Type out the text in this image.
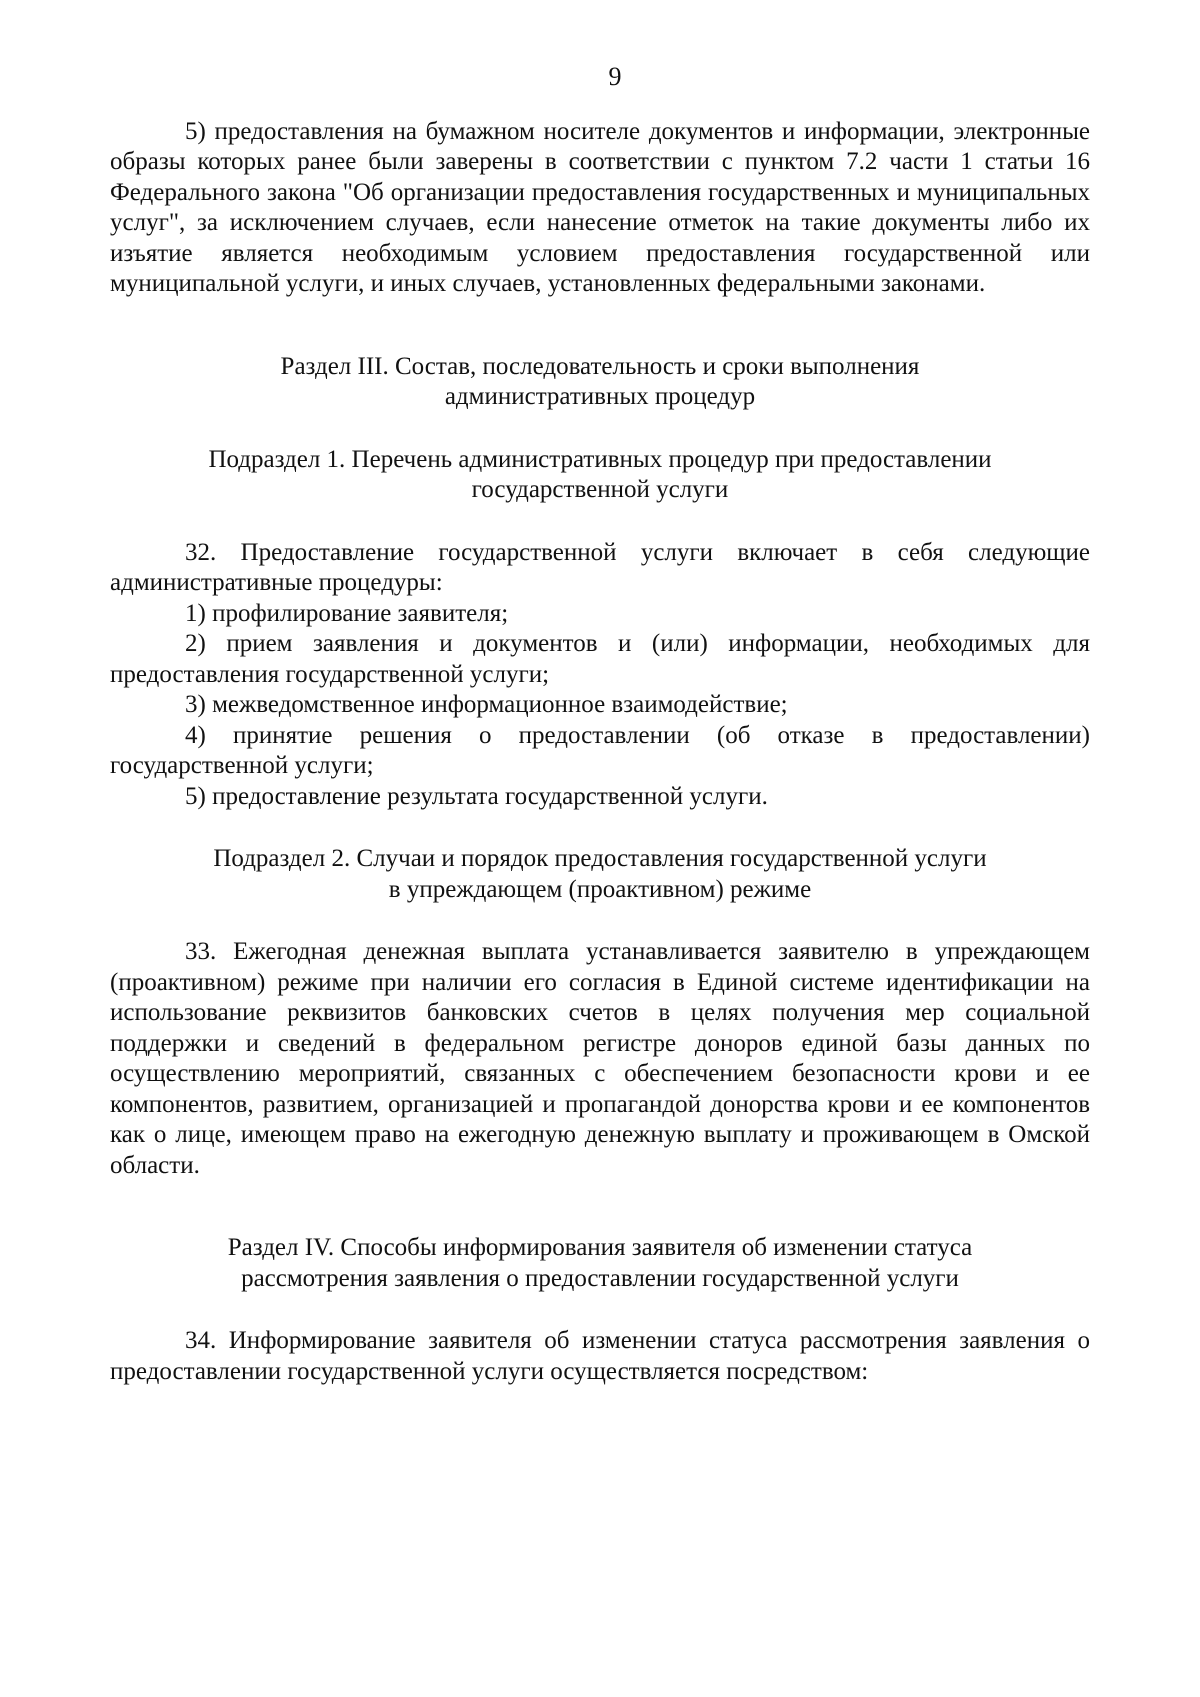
9

5) предоставления на бумажном носителе документов и информации, электронные образы которых ранее были заверены в соответствии с пунктом 7.2 части 1 статьи 16 Федерального закона "Об организации предоставления государственных и муниципальных услуг", за исключением случаев, если нанесение отметок на такие документы либо их изъятие является необходимым условием предоставления государственной или муниципальной услуги, и иных случаев, установленных федеральными законами.

Раздел III. Состав, последовательность и сроки выполнения
административных процедур
Подраздел 1. Перечень административных процедур при предоставлении
государственной услуги

32. Предоставление государственной услуги включает в себя следующие административные процедуры:

1) профилирование заявителя;

2) прием заявления и документов и (или) информации, необходимых для предоставления государственной услуги;

3) межведомственное информационное взаимодействие;

4) принятие решения о предоставлении (об отказе в предоставлении) государственной услуги;

5) предоставление результата государственной услуги.

Подраздел 2. Случаи и порядок предоставления государственной услуги
в упреждающем (проактивном) режиме

33. Ежегодная денежная выплата устанавливается заявителю в упреждающем (проактивном) режиме при наличии его согласия в Единой системе идентификации на использование реквизитов банковских счетов в целях получения мер социальной поддержки и сведений в федеральном регистре доноров единой базы данных по осуществлению мероприятий, связанных с обеспечением безопасности крови и ее компонентов, развитием, организацией и пропагандой донорства крови и ее компонентов как о лице, имеющем право на ежегодную денежную выплату и проживающем в Омской области.

Раздел IV. Способы информирования заявителя об изменении статуса
рассмотрения заявления о предоставлении государственной услуги

34. Информирование заявителя об изменении статуса рассмотрения заявления о предоставлении государственной услуги осуществляется посредством:
